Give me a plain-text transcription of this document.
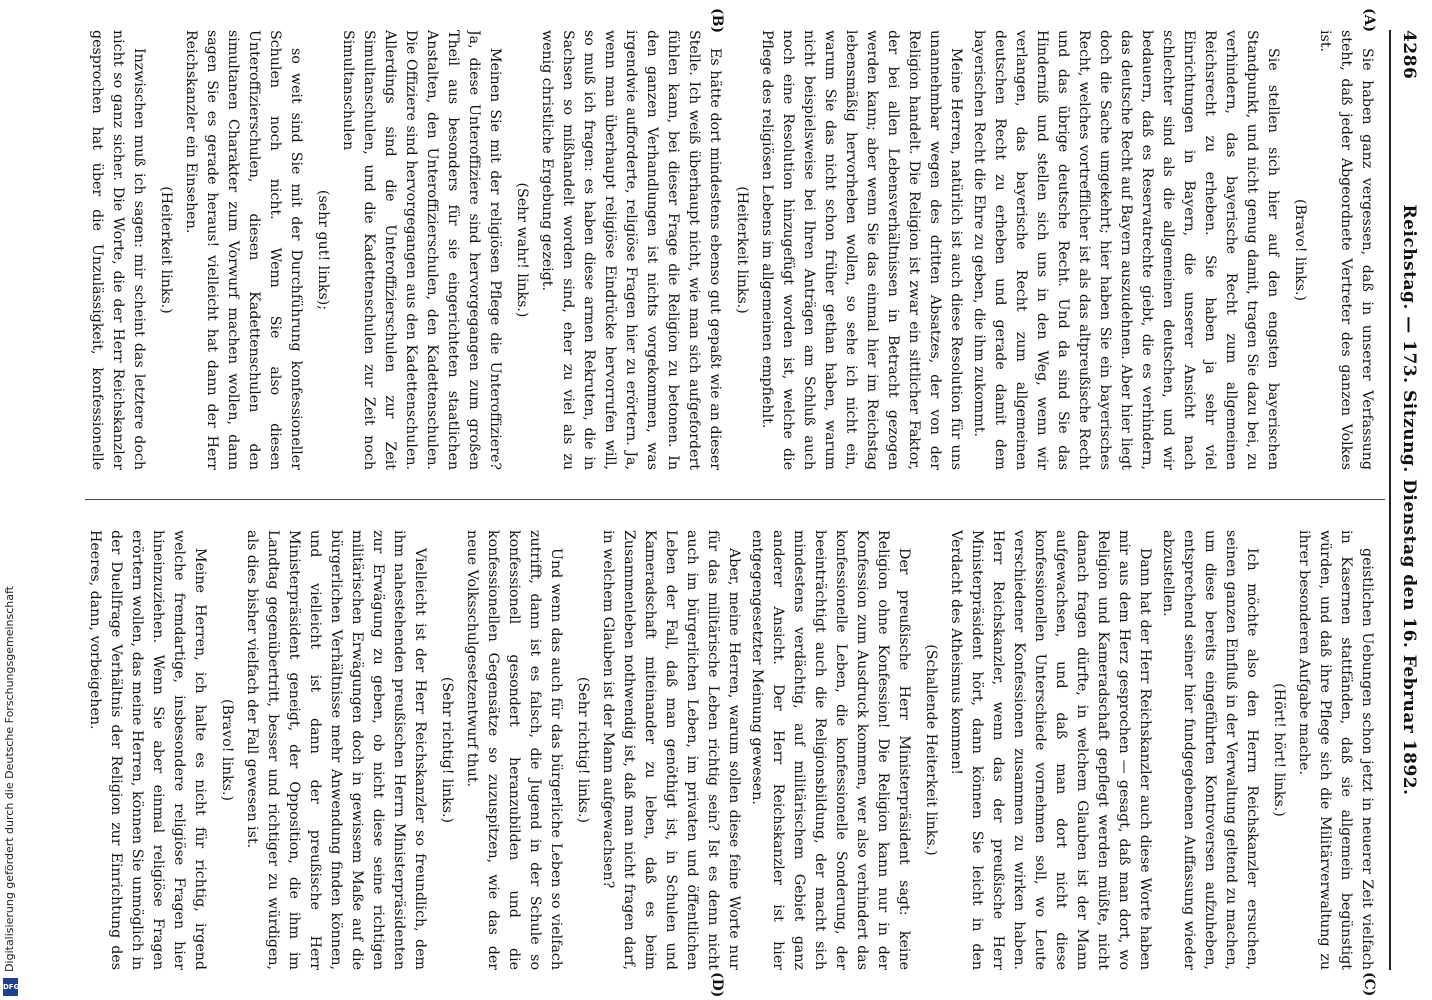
Digitalisierung gefördert durch die Deutsche Forschungsgemeinschaft
DFG
4286
Reichstag. — 173. Sitzung. Dienstag den 16. Februar 1892.
(A)
(B)
(C)
(D)

Sie haben ganz vergessen, daß in unserer Verfassung steht, daß jeder Abgeordnete Vertreter des ganzen Volkes ist.

(Bravo! links.)

Sie stellen sich hier auf den engsten bayerischen Standpunkt, und nicht genug damit, tragen Sie dazu bei, zu verhindern, das bayerische Recht zum allgemeinen Reichsrecht zu erheben. Sie haben ja sehr viel Einrichtungen in Bayern, die unserer Ansicht nach schlechter sind als die allgemeinen deutschen, und wir bedauern, daß es Reservatrechte giebt, die es verhindern, das deutsche Recht auf Bayern auszudehnen. Aber hier liegt doch die Sache umgekehrt; hier haben Sie ein bayerisches Recht, welches vortrefflicher ist als das altpreußische Recht und das übrige deutsche Recht. Und da sind Sie das Hinderniß und stellen sich uns in den Weg, wenn wir verlangen, das bayerische Recht zum allgemeinen deutschen Recht zu erheben und gerade damit dem bayerischen Recht die Ehre zu geben, die ihm zukommt.

Meine Herren, natürlich ist auch diese Resolution für uns unannehmbar wegen des dritten Absatzes, der von der Religion handelt. Die Religion ist zwar ein sittlicher Faktor, der bei allen Lebensverhältnissen in Betracht gezogen werden kann; aber wenn Sie das einmal hier im Reichstag lebensmäßig hervorheben wollen, so sehe ich nicht ein, warum Sie das nicht schon früher gethan haben, warum nicht beispielsweise bei Ihren Anträgen am Schluß auch noch eine Resolution hinzugefügt worden ist, welche die Pflege des religiösen Lebens im allgemeinen empfiehlt.

(Heiterkeit links.)

Es hätte dort mindestens ebenso gut gepaßt wie an dieser Stelle. Ich weiß überhaupt nicht, wie man sich aufgefordert fühlen kann, bei dieser Frage die Religion zu betonen. In den ganzen Verhandlungen ist nichts vorgekommen, was irgendwie aufforderte, religiöse Fragen hier zu erörtern. Ja, wenn man überhaupt religiöse Eindrücke hervorrufen will, so muß ich fragen: es haben diese armen Rekruten, die in Sachsen so mißhandelt worden sind, eher zu viel als zu wenig christliche Ergebung gezeigt.

(Sehr wahr! links.)

Meinen Sie mit der religiösen Pflege die Unteroffiziere? Ja, diese Unteroffiziere sind hervorgegangen zum großen Theil aus besonders für sie eingerichteten staatlichen Anstalten, den Unteroffizierschulen, den Kadettenschulen. Die Offiziere sind hervorgegangen aus den Kadettenschulen. Allerdings sind die Unteroffizierschulen zur Zeit Simultanschulen, und die Kadettenschulen zur Zeit noch Simultanschulen

(sehr gut! links);

so weit sind Sie mit der Durchführung konfessioneller Schulen noch nicht. Wenn Sie also diesen Unteroffizierschulen, diesen Kadettenschulen den simultanen Charakter zum Vorwurf machen wollen, dann sagen Sie es gerade heraus! vielleicht hat dann der Herr Reichskanzler ein Einsehen.

(Heiterkeit links.)

Inzwischen muß ich sagen: mir scheint das letztere doch nicht so ganz sicher. Die Worte, die der Herr Reichskanzler gesprochen hat über die Unzulässigkeit, konfessionelle

geistlichen Uebungen schon jetzt in neuerer Zeit vielfach in Kasernen stattfänden, daß sie allgemein begünstigt würden, und daß ihre Pflege sich die Militärverwaltung zu ihrer besonderen Aufgabe mache.

(Hört! hört! links.)

Ich möchte also den Herrn Reichskanzler ersuchen, seinen ganzen Einfluß in der Verwaltung geltend zu machen, um diese bereits eingeführten Kontroversen aufzuheben, entsprechend seiner hier fundgegebenen Auffassung wieder abzustellen.

Dann hat der Herr Reichskanzler auch diese Worte haben mir aus dem Herz gesprochen — gesagt, daß man dort, wo Religion und Kameradschaft gepflegt werden müßte, nicht danach fragen dürfte, in welchem Glauben ist der Mann aufgewachsen, und daß man dort nicht diese konfessionellen Unterschiede vornehmen soll, wo Leute verschiedener Konfessionen zusammen zu wirken haben. Herr Reichskanzler, wenn das der preußische Herr Ministerpräsident hört, dann können Sie leicht in den Verdacht des Atheismus kommen!

(Schallende Heiterkeit links.)

Der preußische Herr Ministerpräsident sagt: keine Religion ohne Konfession! Die Religion kann nur in der Konfession zum Ausdruck kommen, wer also verhindert das konfessionelle Leben, die konfessionelle Sonderung, der beeinträchtigt auch die Religionsbildung, der macht sich mindestens verdächtig, auf militärischem Gebiet ganz anderer Ansicht. Der Herr Reichskanzler ist hier entgegengesetzter Meinung gewesen.

Aber, meine Herren, warum sollen diese feine Worte nur für das militärische Leben richtig sein? Ist es denn nicht auch im bürgerlichen Leben, im privaten und öffentlichen Leben der Fall, daß man genöthigt ist, in Schulen und Kameradschaft miteinander zu leben, daß es beim Zusammenleben nothwendig ist, daß man nicht fragen darf, in welchem Glauben ist der Mann aufgewachsen?

(Sehr richtig! links.)

Und wenn das auch für das bürgerliche Leben so vielfach zutrifft, dann ist es falsch, die Jugend in der Schule so konfessionell gesondert heranzubilden und die konfessionellen Gegensätze so zuzuspitzen, wie das der neue Volksschulgesetzentwurf thut.

(Sehr richtig! links.)

Vielleicht ist der Herr Reichskanzler so freundlich, dem ihm nahestehenden preußischen Herrn Ministerpräsidenten zur Erwägung zu geben, ob nicht diese seine richtigen militärischen Erwägungen doch in gewissem Maße auf die bürgerlichen Verhältnisse mehr Anwendung finden können, und vielleicht ist dann der preußische Herr Ministerpräsident geneigt, der Opposition, die ihm im Landtag gegenübertritt, besser und richtiger zu würdigen, als dies bisher vielfach der Fall gewesen ist.

(Bravo! links.)

Meine Herren, ich halte es nicht für richtig, irgend welche fremdartige, insbesondere religiöse Fragen hier hineinzuziehen. Wenn Sie aber einmal religiöse Fragen erörtern wollen, das meine Herren, können Sie unmöglich in der Duellfrage Verhältnis der Religion zur Einrichtung des Heeres, dann, vorbeigehen.
